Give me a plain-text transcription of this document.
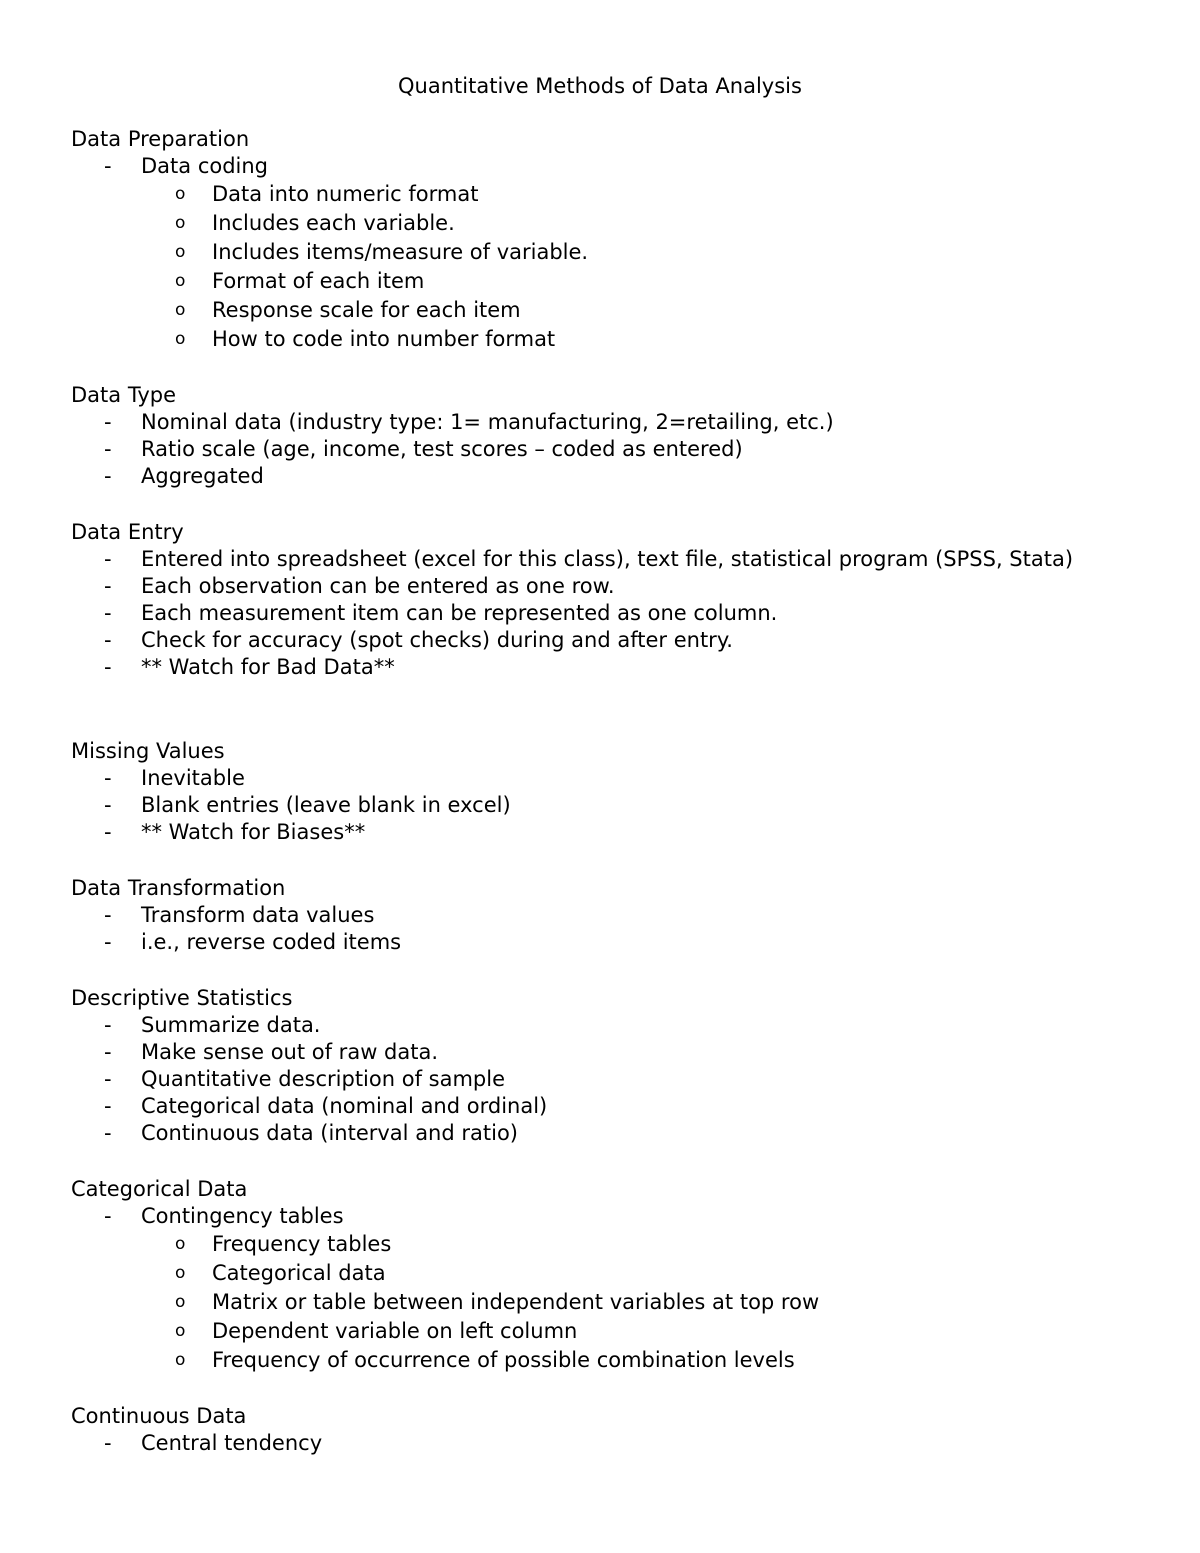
Quantitative Methods of Data Analysis
Data Preparation
- Data coding
o Data into numeric format
o Includes each variable.
o Includes items/measure of variable.
o Format of each item
o Response scale for each item
o How to code into number format
Data Type
- Nominal data (industry type: 1= manufacturing, 2=retailing, etc.)
- Ratio scale (age, income, test scores – coded as entered)
- Aggregated
Data Entry
- Entered into spreadsheet (excel for this class), text file, statistical program (SPSS, Stata)
- Each observation can be entered as one row.
- Each measurement item can be represented as one column.
- Check for accuracy (spot checks) during and after entry.
- ** Watch for Bad Data**
Missing Values
- Inevitable
- Blank entries (leave blank in excel)
- ** Watch for Biases**
Data Transformation
- Transform data values
- i.e., reverse coded items
Descriptive Statistics
- Summarize data.
- Make sense out of raw data.
- Quantitative description of sample
- Categorical data (nominal and ordinal)
- Continuous data (interval and ratio)
Categorical Data
- Contingency tables
o Frequency tables
o Categorical data
o Matrix or table between independent variables at top row
o Dependent variable on left column
o Frequency of occurrence of possible combination levels
Continuous Data
- Central tendency
